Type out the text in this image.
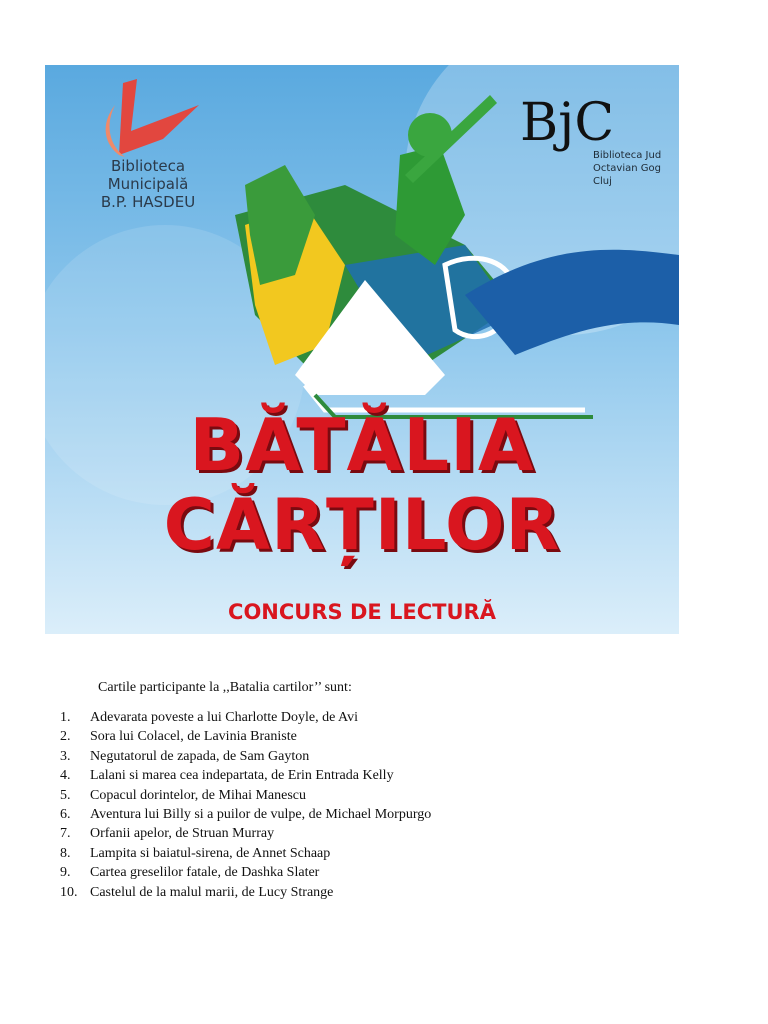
BjC
Biblioteca
Municipală
B.P. HASDEU
Biblioteca Jud
Octavian Gog
Cluj
BĂTĂLIA
CĂRȚILOR
CONCURS DE LECTURĂ
Cartile participante la ,,Batalia cartilor’’ sunt:
1.	Adevarata poveste a lui Charlotte Doyle, de Avi
2.	Sora lui Colacel, de Lavinia Braniste
3.	Negutatorul de zapada, de Sam Gayton
4.	Lalani si marea cea indepartata, de Erin Entrada Kelly
5.	Copacul dorintelor, de Mihai Manescu
6.	Aventura lui Billy si a puilor de vulpe, de Michael Morpurgo
7.	Orfanii apelor, de Struan Murray
8.	Lampita si baiatul-sirena, de Annet Schaap
9.	Cartea greselilor fatale, de Dashka Slater
10. Castelul de la malul marii, de Lucy Strange
